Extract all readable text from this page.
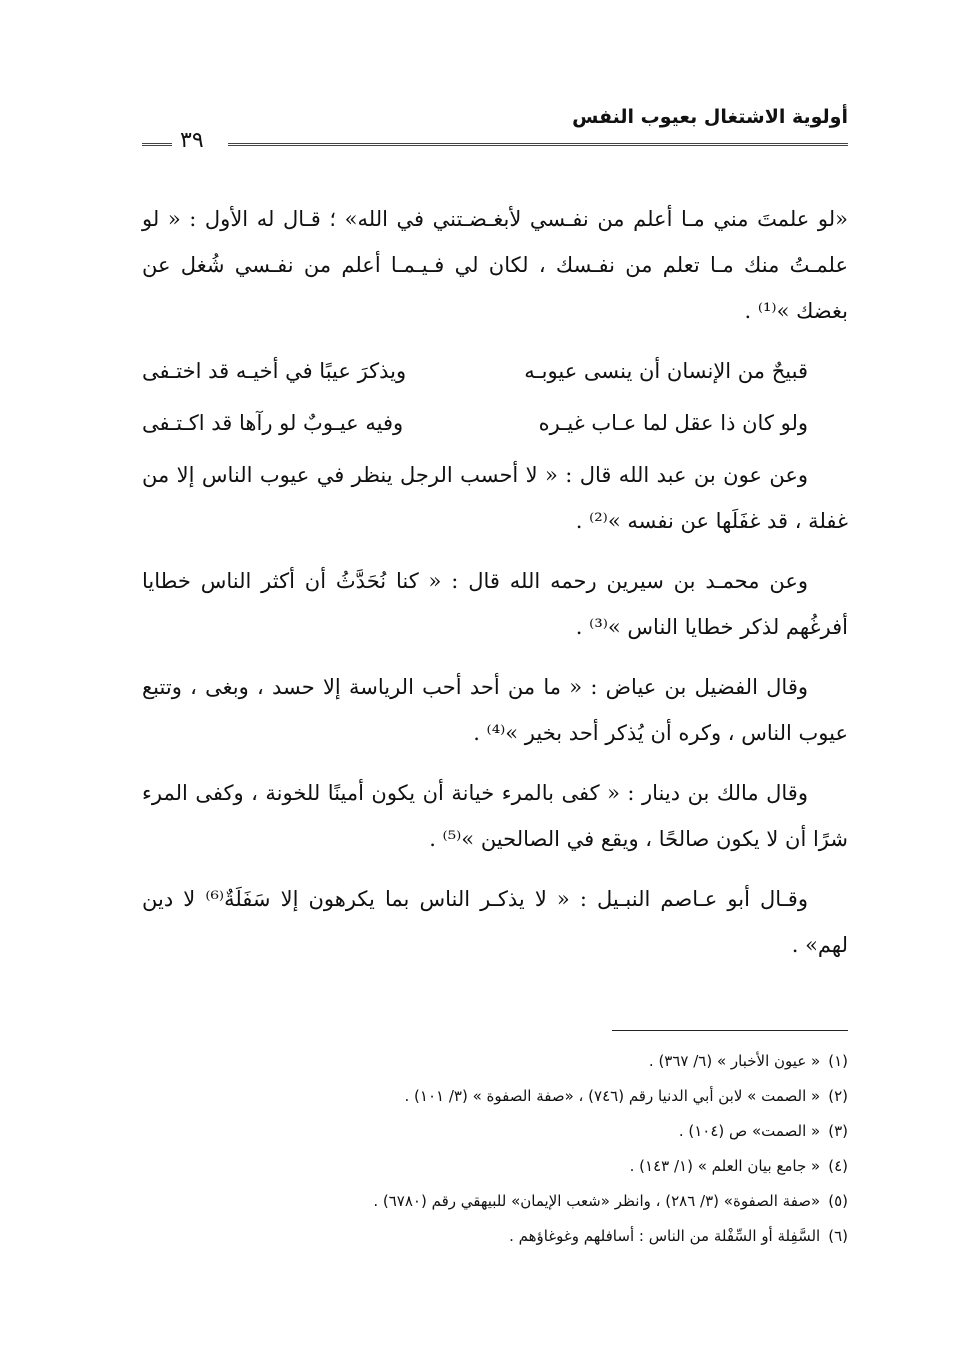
أولوية الاشتغال بعيوب النفس
٣٩

«لو علمتَ مني مـا أعلم من نفـسي لأبغـضـتني في الله» ؛ قـال له الأول : « لو علمـتُ منك مـا تعلم من نفـسك ، لكان لي فـيـمـا أعلم من نفـسي شُغل عن بغضك »⁽¹⁾ .

قبيحٌ من الإنسان أن ينسى عيوبـه
ويذكرَ عيبًا في أخيـه قد اختـفى
ولو كان ذا عقل لما عـاب غيـره
وفيه عيـوبٌ لو رآها قد اكـتـفى

وعن عون بن عبد الله قال : « لا أحسب الرجل ينظر في عيوب الناس إلا من غفلة ، قد غفَلَها عن نفسه »⁽²⁾ .

وعن محمـد بن سيرين رحمه الله قال : « كنا نُحَدَّثُ أن أكثر الناس خطايا أفرغُهم لذكر خطايا الناس »⁽³⁾ .

وقال الفضيل بن عياض : « ما من أحد أحب الرياسة إلا حسد ، وبغى ، وتتبع عيوب الناس ، وكره أن يُذكر أحد بخير »⁽⁴⁾ .

وقال مالك بن دينار : « كفى بالمرء خيانة أن يكون أمينًا للخونة ، وكفى المرء شرًا أن لا يكون صالحًا ، ويقع في الصالحين »⁽⁵⁾ .

وقـال أبو عـاصم النبـيل : « لا يذكـر الناس بما يكرهون إلا سَفَلَةٌ⁽⁶⁾ لا دين لهم» .

(١)« عيون الأخبار » (٦/ ٣٦٧) .
(٢)« الصمت » لابن أبي الدنيا رقم (٧٤٦) ، «صفة الصفوة » (٣/ ١٠١) .
(٣)« الصمت» ص (١٠٤) .
(٤)« جامع بيان العلم » (١/ ١٤٣) .
(٥)«صفة الصفوة» (٣/ ٢٨٦) ، وانظر «شعب الإيمان» للبيهقي رقم (٦٧٨٠) .
(٦)السَّفِلة أو السِّفْلة من الناس : أسافلهم وغوغاؤهم .
